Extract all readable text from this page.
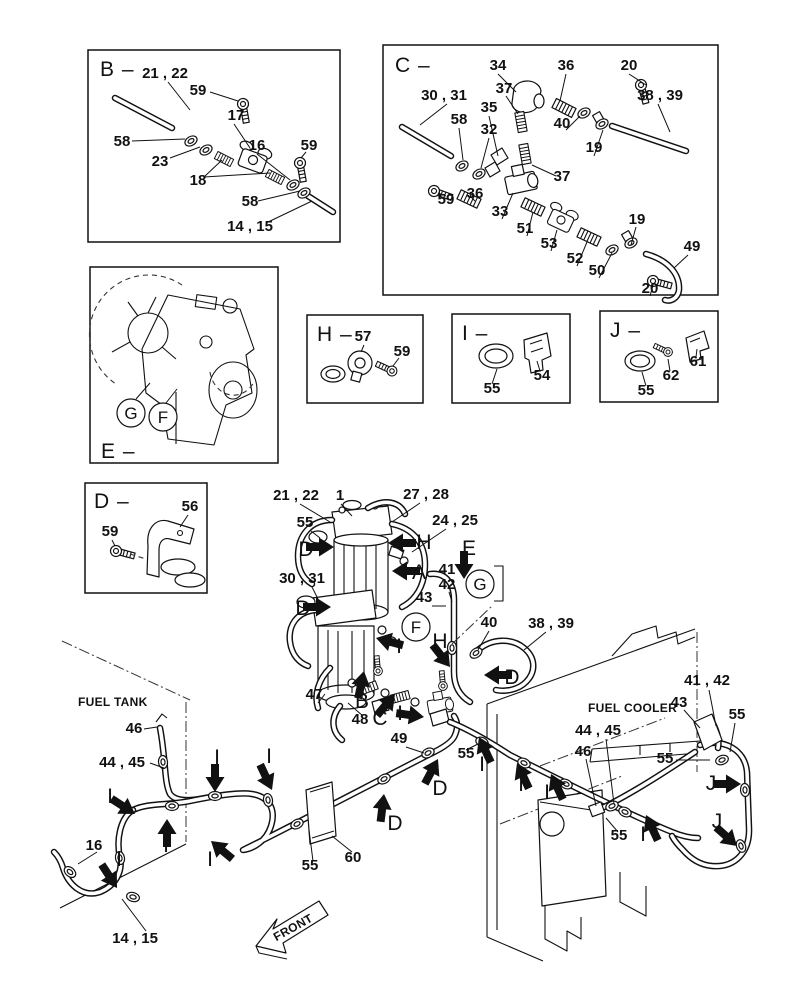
B –	C –
E –
H –	I –	J –
D –
21 , 22
59
17
58	16 59
23
18
58
14 , 15
34	36	20
37
30 , 31	38 , 39
58
35
32	40
19
37
59 36
33
51
53
52
19
50
20
49
57
59
54
55
61
62
55
56
59
21 , 22 1	27 , 28
55	24 , 25
30 , 31
41
42
43
40 38 , 39
47
48
49
55
55 60
46
44 , 45
16
14 , 15
41 , 42
43
55
44 , 45
46	55
55
D	H
A
E
D
H
I
D
B
C I
D
D
I I
I
I
I	I
I
I I
I
J
J
FUEL TANK	FUEL COOLER
FRONT
G F
G
F
